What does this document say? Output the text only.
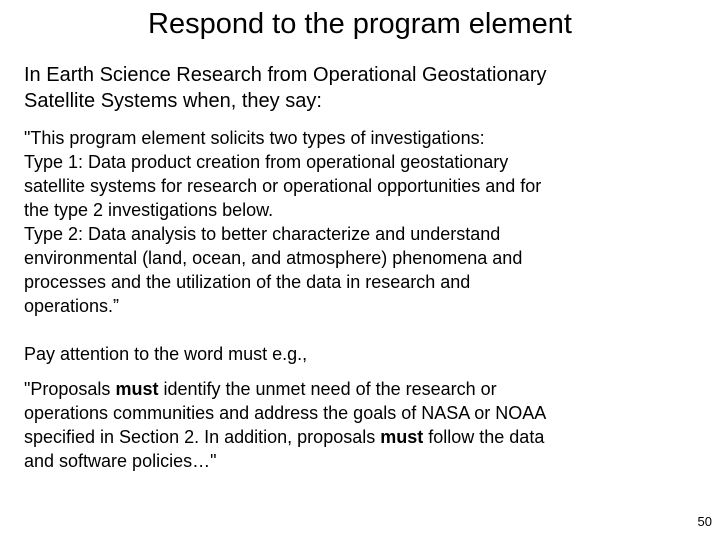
Respond to the program element

In Earth Science Research from Operational Geostationary

Satellite Systems when, they say:

"This program element solicits two types of investigations:

Type 1: Data product creation from operational geostationary

satellite systems for research or operational opportunities and for

the type 2 investigations below.

Type 2: Data analysis to better characterize and understand

environmental (land, ocean, and atmosphere) phenomena and

processes and the utilization of the data in research and

operations.”

Pay attention to the word must e.g.,

"Proposals must identify the unmet need of the research or

operations communities and address the goals of NASA or NOAA

specified in Section 2. In addition, proposals must follow the data

and software policies…"

50
